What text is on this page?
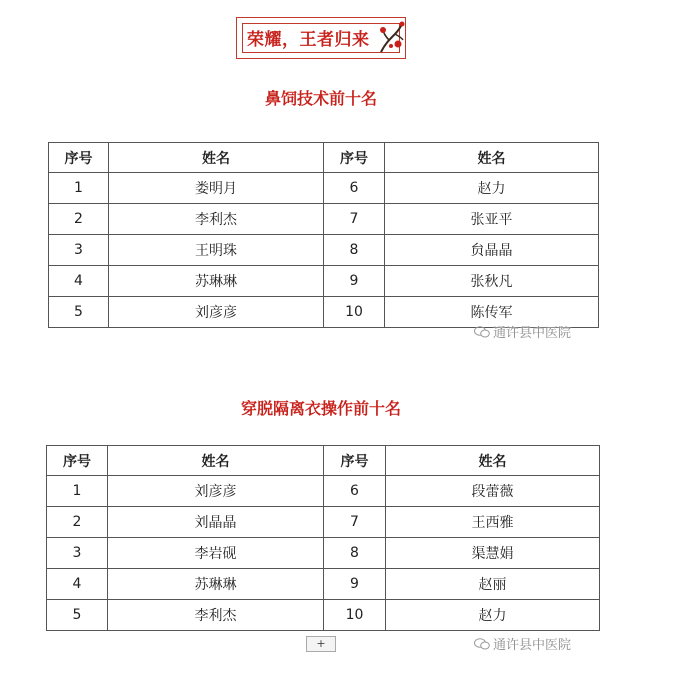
荣耀，王者归来
鼻饲技术前十名
序号	姓名	序号	姓名
1	娄明月	6	赵力
2	李利杰	7	张亚平
3	王明珠	8	贠晶晶
4	苏琳琳	9	张秋凡
5	刘彦彦	10	陈传军
通许县中医院
穿脱隔离衣操作前十名
序号	姓名	序号	姓名
1	刘彦彦	6	段蕾薇
2	刘晶晶	7	王西雅
3	李岩砚	8	渠慧娟
4	苏琳琳	9	赵丽
5	李利杰	10	赵力
通许县中医院
+
